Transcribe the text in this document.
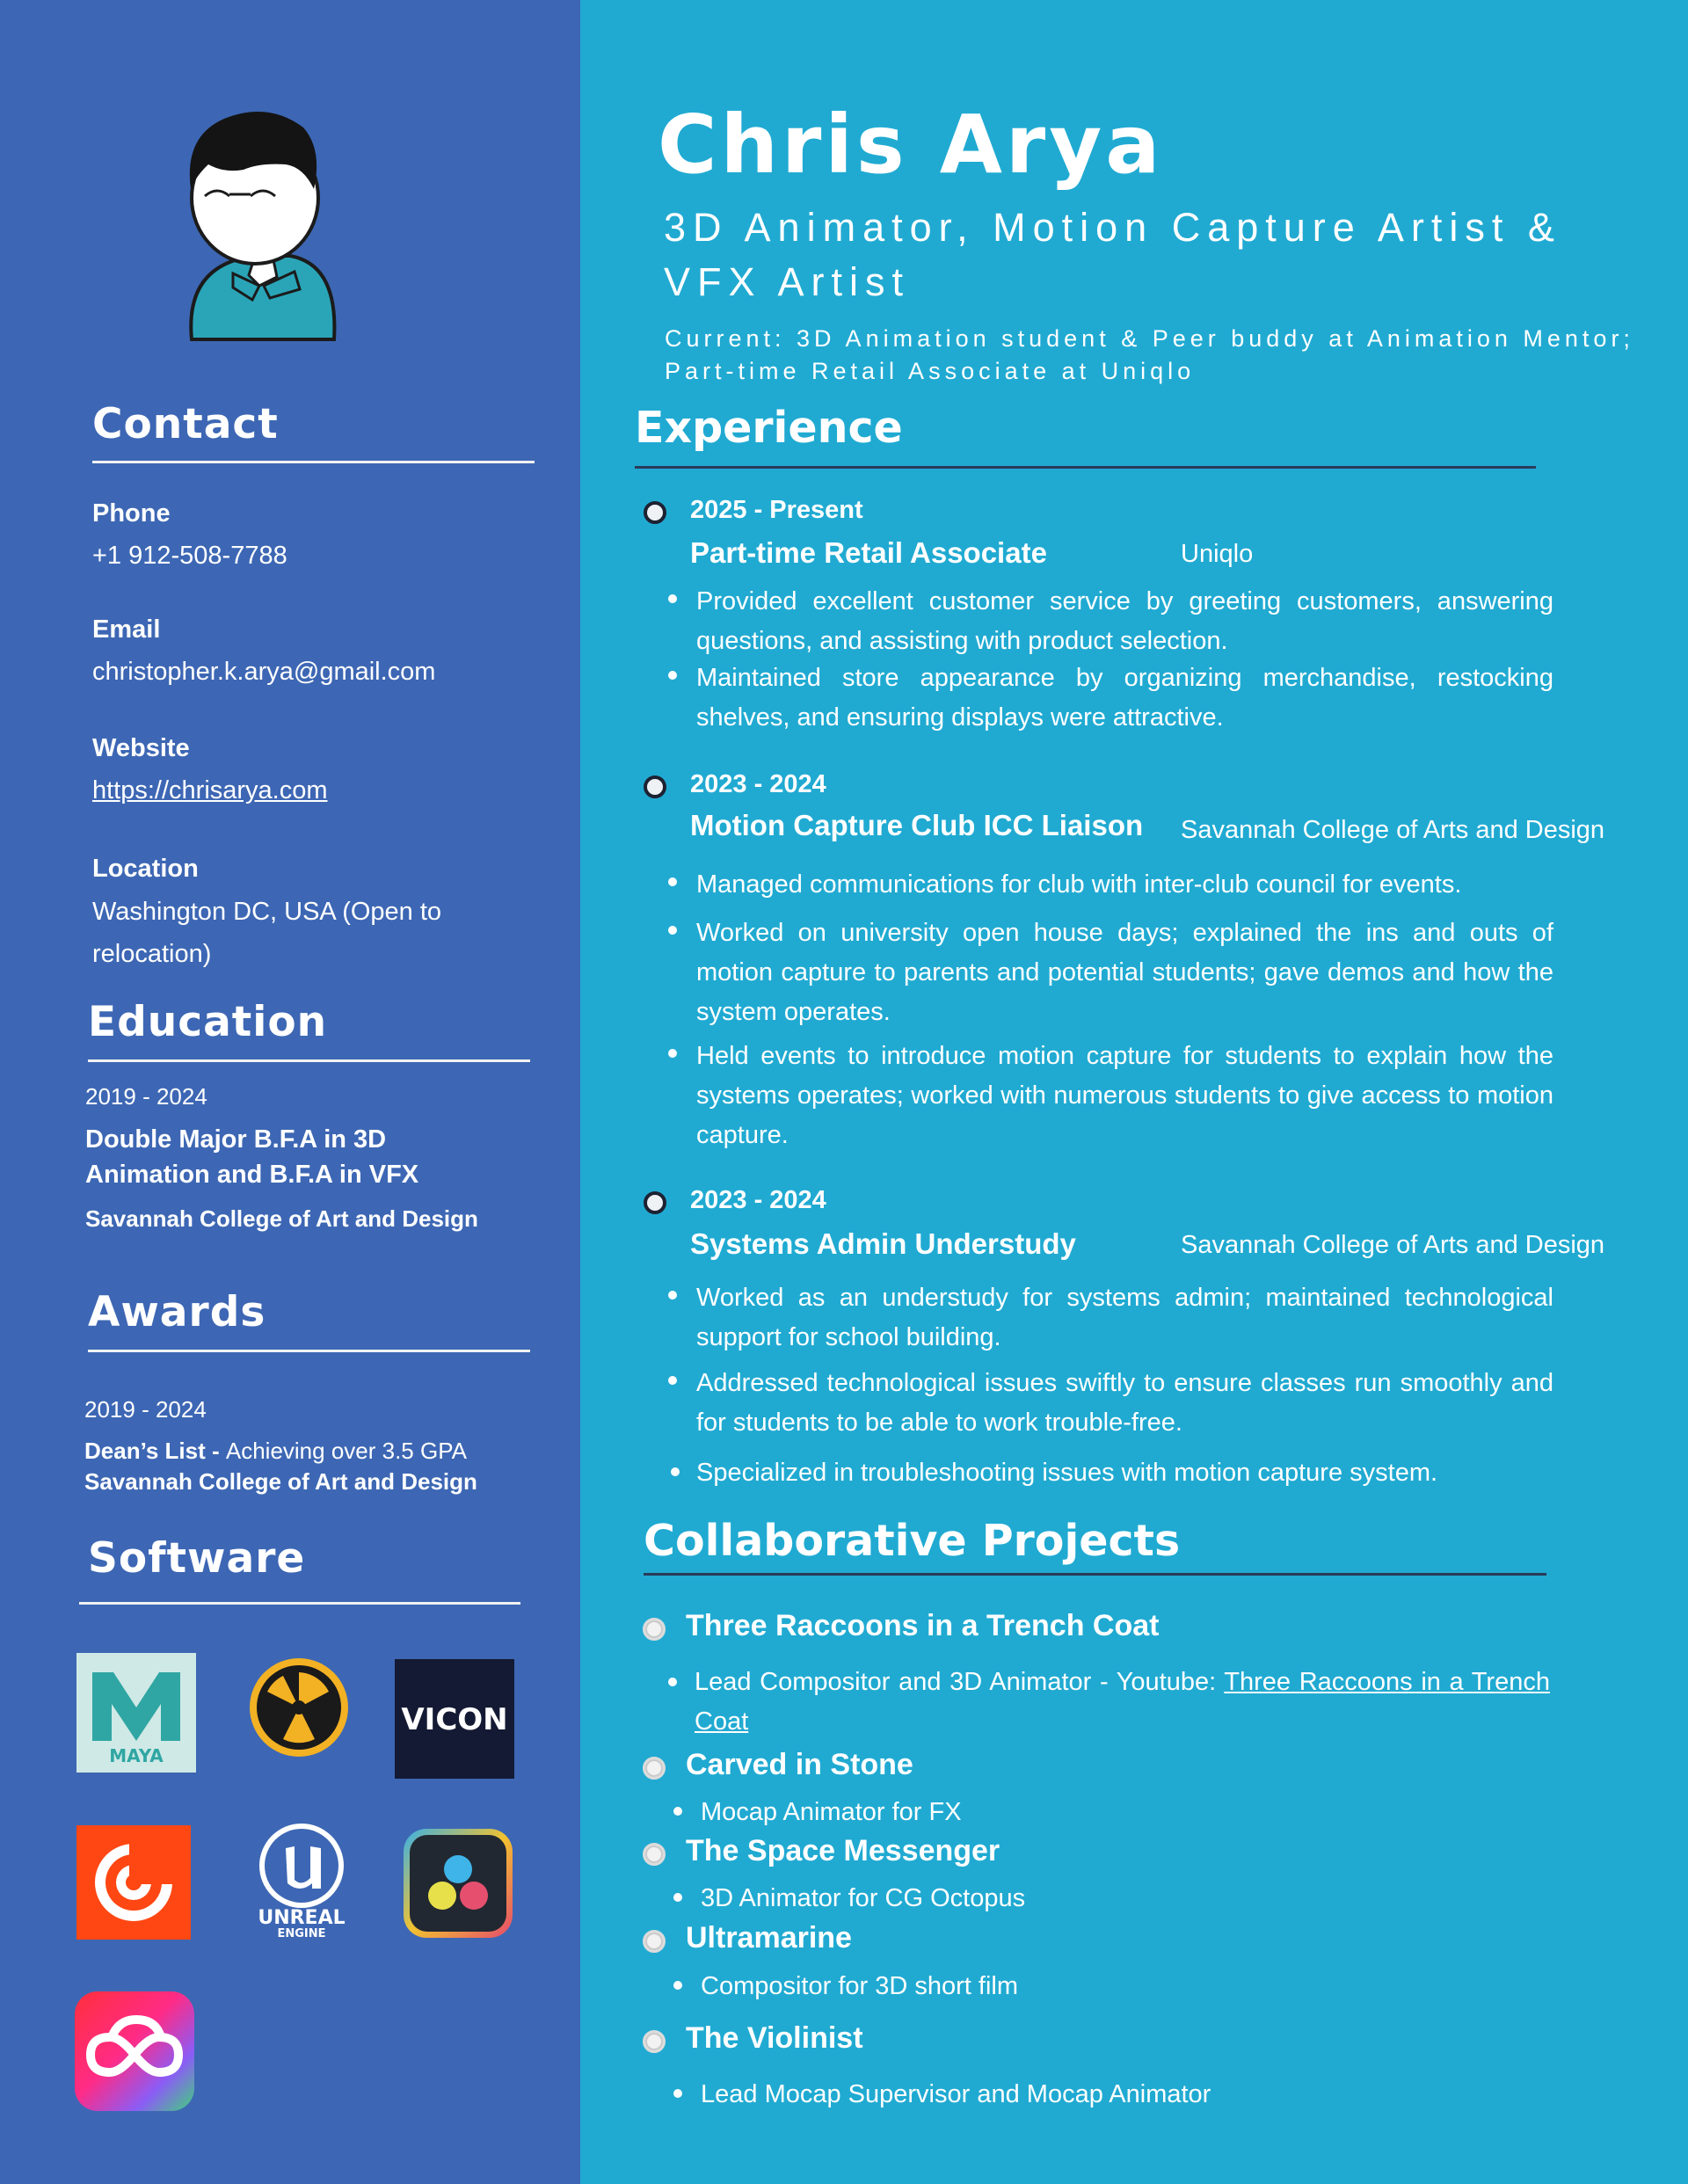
Contact
Phone
+1 912-508-7788
Email
christopher.k.arya@gmail.com
Website
https://chrisarya.com
Location
Washington DC, USA (Open to relocation)
Education
2019 - 2024
Double Major B.F.A in 3D Animation and B.F.A in VFX
Savannah College of Art and Design
Awards
2019 - 2024
Dean’s List - Achieving over 3.5 GPA
Savannah College of Art and Design
Software
MAYA
VICON
UNREAL
ENGINE
Chris Arya
3D Animator, Motion Capture Artist & VFX Artist
Current: 3D Animation student & Peer buddy at Animation Mentor; Part-time Retail Associate at Uniqlo
Experience
2025 - Present
Part-time Retail Associate	Uniqlo
Provided excellent customer service by greeting customers, answering questions, and assisting with product selection.
Maintained store appearance by organizing merchandise, restocking shelves, and ensuring displays were attractive.
2023 - 2024
Motion Capture Club ICC Liaison Savannah College of Arts and Design
Managed communications for club with inter-club council for events.
Worked on university open house days; explained the ins and outs of motion capture to parents and potential students; gave demos and how the system operates.
Held events to introduce motion capture for students to explain how the systems operates; worked with numerous students to give access to motion capture.
2023 - 2024
Systems Admin Understudy	Savannah College of Arts and Design
Worked as an understudy for systems admin; maintained technological support for school building.
Addressed technological issues swiftly to ensure classes run smoothly and for students to be able to work trouble-free.
Specialized in troubleshooting issues with motion capture system.
Collaborative Projects
Three Raccoons in a Trench Coat
Lead Compositor and 3D Animator - Youtube: Three Raccoons in a Trench Coat
Carved in Stone
Mocap Animator for FX
The Space Messenger
3D Animator for CG Octopus
Ultramarine
Compositor for 3D short film
The Violinist
Lead Mocap Supervisor and Mocap Animator
